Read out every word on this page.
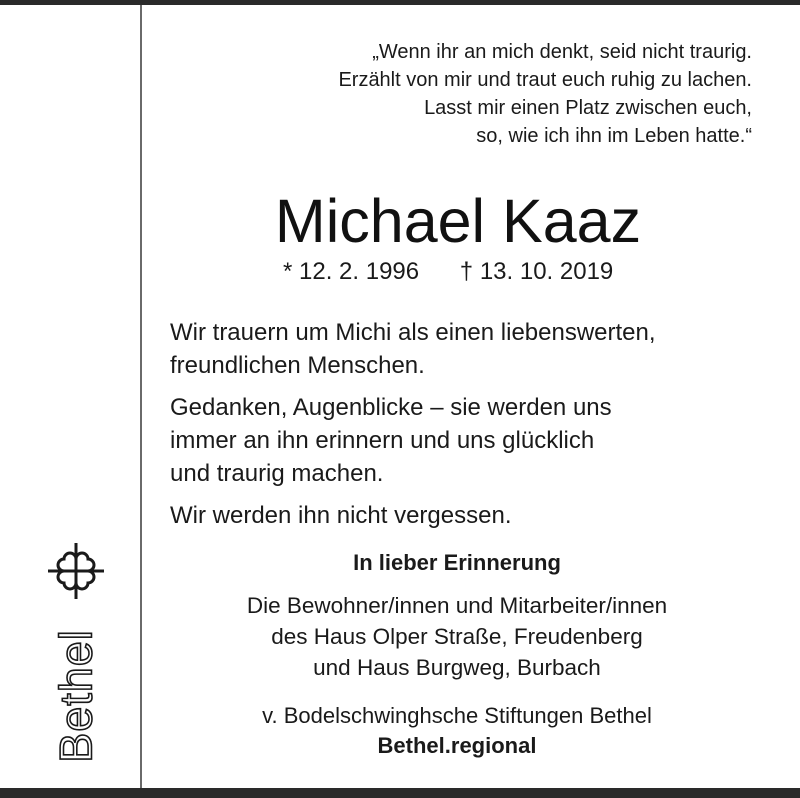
Bethel
„Wenn ihr an mich denkt, seid nicht traurig.
Erzählt von mir und traut euch ruhig zu lachen.
Lasst mir einen Platz zwischen euch,
so, wie ich ihn im Leben hatte.“
Michael Kaaz
* 12. 2. 1996 † 13. 10. 2019

Wir trauern um Michi als einen liebenswerten,
freundlichen Menschen.

Gedanken, Augenblicke – sie werden uns
immer an ihn erinnern und uns glücklich
und traurig machen.

Wir werden ihn nicht vergessen.

In lieber Erinnerung
Die Bewohner/innen und Mitarbeiter/innen
des Haus Olper Straße, Freudenberg
und Haus Burgweg, Burbach
v. Bodelschwinghsche Stiftungen Bethel
Bethel.regional
